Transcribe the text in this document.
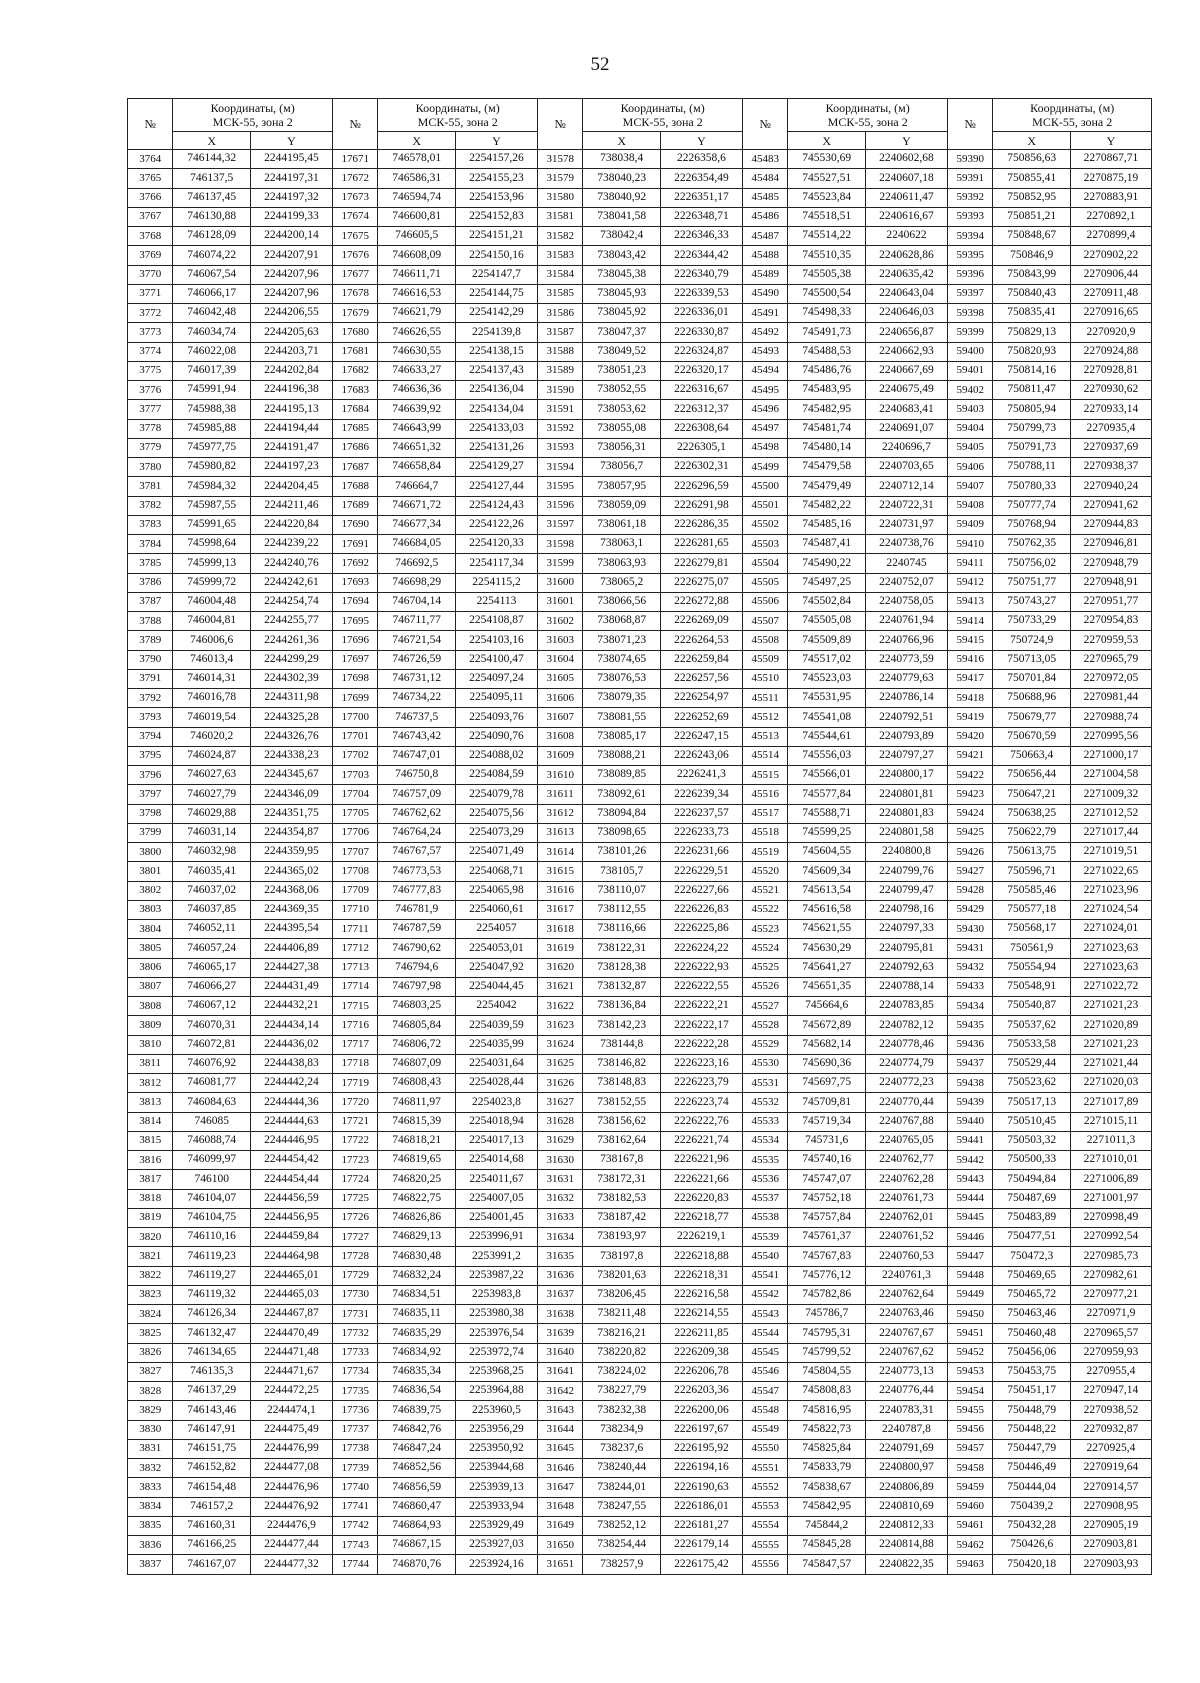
52
№	Координаты, (м)
МСК-55, зона 2		№	Координаты, (м)
МСК-55, зона 2		№	Координаты, (м)
МСК-55, зона 2		№	Координаты, (м)
МСК-55, зона 2		№	Координаты, (м)
МСК-55, зона 2	

	X	Y		X	Y		X	Y		X	Y		X	Y
3764	746144,32	2244195,45	17671	746578,01	2254157,26	31578	738038,4	2226358,6	45483	745530,69	2240602,68	59390	750856,63	2270867,71
3765	746137,5	2244197,31	17672	746586,31	2254155,23	31579	738040,23	2226354,49	45484	745527,51	2240607,18	59391	750855,41	2270875,19
3766	746137,45	2244197,32	17673	746594,74	2254153,96	31580	738040,92	2226351,17	45485	745523,84	2240611,47	59392	750852,95	2270883,91
3767	746130,88	2244199,33	17674	746600,81	2254152,83	31581	738041,58	2226348,71	45486	745518,51	2240616,67	59393	750851,21	2270892,1
3768	746128,09	2244200,14	17675	746605,5	2254151,21	31582	738042,4	2226346,33	45487	745514,22	2240622	59394	750848,67	2270899,4
3769	746074,22	2244207,91	17676	746608,09	2254150,16	31583	738043,42	2226344,42	45488	745510,35	2240628,86	59395	750846,9	2270902,22
3770	746067,54	2244207,96	17677	746611,71	2254147,7	31584	738045,38	2226340,79	45489	745505,38	2240635,42	59396	750843,99	2270906,44
3771	746066,17	2244207,96	17678	746616,53	2254144,75	31585	738045,93	2226339,53	45490	745500,54	2240643,04	59397	750840,43	2270911,48
3772	746042,48	2244206,55	17679	746621,79	2254142,29	31586	738045,92	2226336,01	45491	745498,33	2240646,03	59398	750835,41	2270916,65
3773	746034,74	2244205,63	17680	746626,55	2254139,8	31587	738047,37	2226330,87	45492	745491,73	2240656,87	59399	750829,13	2270920,9
3774	746022,08	2244203,71	17681	746630,55	2254138,15	31588	738049,52	2226324,87	45493	745488,53	2240662,93	59400	750820,93	2270924,88
3775	746017,39	2244202,84	17682	746633,27	2254137,43	31589	738051,23	2226320,17	45494	745486,76	2240667,69	59401	750814,16	2270928,81
3776	745991,94	2244196,38	17683	746636,36	2254136,04	31590	738052,55	2226316,67	45495	745483,95	2240675,49	59402	750811,47	2270930,62
3777	745988,38	2244195,13	17684	746639,92	2254134,04	31591	738053,62	2226312,37	45496	745482,95	2240683,41	59403	750805,94	2270933,14
3778	745985,88	2244194,44	17685	746643,99	2254133,03	31592	738055,08	2226308,64	45497	745481,74	2240691,07	59404	750799,73	2270935,4
3779	745977,75	2244191,47	17686	746651,32	2254131,26	31593	738056,31	2226305,1	45498	745480,14	2240696,7	59405	750791,73	2270937,69
3780	745980,82	2244197,23	17687	746658,84	2254129,27	31594	738056,7	2226302,31	45499	745479,58	2240703,65	59406	750788,11	2270938,37
3781	745984,32	2244204,45	17688	746664,7	2254127,44	31595	738057,95	2226296,59	45500	745479,49	2240712,14	59407	750780,33	2270940,24
3782	745987,55	2244211,46	17689	746671,72	2254124,43	31596	738059,09	2226291,98	45501	745482,22	2240722,31	59408	750777,74	2270941,62
3783	745991,65	2244220,84	17690	746677,34	2254122,26	31597	738061,18	2226286,35	45502	745485,16	2240731,97	59409	750768,94	2270944,83
3784	745998,64	2244239,22	17691	746684,05	2254120,33	31598	738063,1	2226281,65	45503	745487,41	2240738,76	59410	750762,35	2270946,81
3785	745999,13	2244240,76	17692	746692,5	2254117,34	31599	738063,93	2226279,81	45504	745490,22	2240745	59411	750756,02	2270948,79
3786	745999,72	2244242,61	17693	746698,29	2254115,2	31600	738065,2	2226275,07	45505	745497,25	2240752,07	59412	750751,77	2270948,91
3787	746004,48	2244254,74	17694	746704,14	2254113	31601	738066,56	2226272,88	45506	745502,84	2240758,05	59413	750743,27	2270951,77
3788	746004,81	2244255,77	17695	746711,77	2254108,87	31602	738068,87	2226269,09	45507	745505,08	2240761,94	59414	750733,29	2270954,83
3789	746006,6	2244261,36	17696	746721,54	2254103,16	31603	738071,23	2226264,53	45508	745509,89	2240766,96	59415	750724,9	2270959,53
3790	746013,4	2244299,29	17697	746726,59	2254100,47	31604	738074,65	2226259,84	45509	745517,02	2240773,59	59416	750713,05	2270965,79
3791	746014,31	2244302,39	17698	746731,12	2254097,24	31605	738076,53	2226257,56	45510	745523,03	2240779,63	59417	750701,84	2270972,05
3792	746016,78	2244311,98	17699	746734,22	2254095,11	31606	738079,35	2226254,97	45511	745531,95	2240786,14	59418	750688,96	2270981,44
3793	746019,54	2244325,28	17700	746737,5	2254093,76	31607	738081,55	2226252,69	45512	745541,08	2240792,51	59419	750679,77	2270988,74
3794	746020,2	2244326,76	17701	746743,42	2254090,76	31608	738085,17	2226247,15	45513	745544,61	2240793,89	59420	750670,59	2270995,56
3795	746024,87	2244338,23	17702	746747,01	2254088,02	31609	738088,21	2226243,06	45514	745556,03	2240797,27	59421	750663,4	2271000,17
3796	746027,63	2244345,67	17703	746750,8	2254084,59	31610	738089,85	2226241,3	45515	745566,01	2240800,17	59422	750656,44	2271004,58
3797	746027,79	2244346,09	17704	746757,09	2254079,78	31611	738092,61	2226239,34	45516	745577,84	2240801,81	59423	750647,21	2271009,32
3798	746029,88	2244351,75	17705	746762,62	2254075,56	31612	738094,84	2226237,57	45517	745588,71	2240801,83	59424	750638,25	2271012,52
3799	746031,14	2244354,87	17706	746764,24	2254073,29	31613	738098,65	2226233,73	45518	745599,25	2240801,58	59425	750622,79	2271017,44
3800	746032,98	2244359,95	17707	746767,57	2254071,49	31614	738101,26	2226231,66	45519	745604,55	2240800,8	59426	750613,75	2271019,51
3801	746035,41	2244365,02	17708	746773,53	2254068,71	31615	738105,7	2226229,51	45520	745609,34	2240799,76	59427	750596,71	2271022,65
3802	746037,02	2244368,06	17709	746777,83	2254065,98	31616	738110,07	2226227,66	45521	745613,54	2240799,47	59428	750585,46	2271023,96
3803	746037,85	2244369,35	17710	746781,9	2254060,61	31617	738112,55	2226226,83	45522	745616,58	2240798,16	59429	750577,18	2271024,54
3804	746052,11	2244395,54	17711	746787,59	2254057	31618	738116,66	2226225,86	45523	745621,55	2240797,33	59430	750568,17	2271024,01
3805	746057,24	2244406,89	17712	746790,62	2254053,01	31619	738122,31	2226224,22	45524	745630,29	2240795,81	59431	750561,9	2271023,63
3806	746065,17	2244427,38	17713	746794,6	2254047,92	31620	738128,38	2226222,93	45525	745641,27	2240792,63	59432	750554,94	2271023,63
3807	746066,27	2244431,49	17714	746797,98	2254044,45	31621	738132,87	2226222,55	45526	745651,35	2240788,14	59433	750548,91	2271022,72
3808	746067,12	2244432,21	17715	746803,25	2254042	31622	738136,84	2226222,21	45527	745664,6	2240783,85	59434	750540,87	2271021,23
3809	746070,31	2244434,14	17716	746805,84	2254039,59	31623	738142,23	2226222,17	45528	745672,89	2240782,12	59435	750537,62	2271020,89
3810	746072,81	2244436,02	17717	746806,72	2254035,99	31624	738144,8	2226222,28	45529	745682,14	2240778,46	59436	750533,58	2271021,23
3811	746076,92	2244438,83	17718	746807,09	2254031,64	31625	738146,82	2226223,16	45530	745690,36	2240774,79	59437	750529,44	2271021,44
3812	746081,77	2244442,24	17719	746808,43	2254028,44	31626	738148,83	2226223,79	45531	745697,75	2240772,23	59438	750523,62	2271020,03
3813	746084,63	2244444,36	17720	746811,97	2254023,8	31627	738152,55	2226223,74	45532	745709,81	2240770,44	59439	750517,13	2271017,89
3814	746085	2244444,63	17721	746815,39	2254018,94	31628	738156,62	2226222,76	45533	745719,34	2240767,88	59440	750510,45	2271015,11
3815	746088,74	2244446,95	17722	746818,21	2254017,13	31629	738162,64	2226221,74	45534	745731,6	2240765,05	59441	750503,32	2271011,3
3816	746099,97	2244454,42	17723	746819,65	2254014,68	31630	738167,8	2226221,96	45535	745740,16	2240762,77	59442	750500,33	2271010,01
3817	746100	2244454,44	17724	746820,25	2254011,67	31631	738172,31	2226221,66	45536	745747,07	2240762,28	59443	750494,84	2271006,89
3818	746104,07	2244456,59	17725	746822,75	2254007,05	31632	738182,53	2226220,83	45537	745752,18	2240761,73	59444	750487,69	2271001,97
3819	746104,75	2244456,95	17726	746826,86	2254001,45	31633	738187,42	2226218,77	45538	745757,84	2240762,01	59445	750483,89	2270998,49
3820	746110,16	2244459,84	17727	746829,13	2253996,91	31634	738193,97	2226219,1	45539	745761,37	2240761,52	59446	750477,51	2270992,54
3821	746119,23	2244464,98	17728	746830,48	2253991,2	31635	738197,8	2226218,88	45540	745767,83	2240760,53	59447	750472,3	2270985,73
3822	746119,27	2244465,01	17729	746832,24	2253987,22	31636	738201,63	2226218,31	45541	745776,12	2240761,3	59448	750469,65	2270982,61
3823	746119,32	2244465,03	17730	746834,51	2253983,8	31637	738206,45	2226216,58	45542	745782,86	2240762,64	59449	750465,72	2270977,21
3824	746126,34	2244467,87	17731	746835,11	2253980,38	31638	738211,48	2226214,55	45543	745786,7	2240763,46	59450	750463,46	2270971,9
3825	746132,47	2244470,49	17732	746835,29	2253976,54	31639	738216,21	2226211,85	45544	745795,31	2240767,67	59451	750460,48	2270965,57
3826	746134,65	2244471,48	17733	746834,92	2253972,74	31640	738220,82	2226209,38	45545	745799,52	2240767,62	59452	750456,06	2270959,93
3827	746135,3	2244471,67	17734	746835,34	2253968,25	31641	738224,02	2226206,78	45546	745804,55	2240773,13	59453	750453,75	2270955,4
3828	746137,29	2244472,25	17735	746836,54	2253964,88	31642	738227,79	2226203,36	45547	745808,83	2240776,44	59454	750451,17	2270947,14
3829	746143,46	2244474,1	17736	746839,75	2253960,5	31643	738232,38	2226200,06	45548	745816,95	2240783,31	59455	750448,79	2270938,52
3830	746147,91	2244475,49	17737	746842,76	2253956,29	31644	738234,9	2226197,67	45549	745822,73	2240787,8	59456	750448,22	2270932,87
3831	746151,75	2244476,99	17738	746847,24	2253950,92	31645	738237,6	2226195,92	45550	745825,84	2240791,69	59457	750447,79	2270925,4
3832	746152,82	2244477,08	17739	746852,56	2253944,68	31646	738240,44	2226194,16	45551	745833,79	2240800,97	59458	750446,49	2270919,64
3833	746154,48	2244476,96	17740	746856,59	2253939,13	31647	738244,01	2226190,63	45552	745838,67	2240806,89	59459	750444,04	2270914,57
3834	746157,2	2244476,92	17741	746860,47	2253933,94	31648	738247,55	2226186,01	45553	745842,95	2240810,69	59460	750439,2	2270908,95
3835	746160,31	2244476,9	17742	746864,93	2253929,49	31649	738252,12	2226181,27	45554	745844,2	2240812,33	59461	750432,28	2270905,19
3836	746166,25	2244477,44	17743	746867,15	2253927,03	31650	738254,44	2226179,14	45555	745845,28	2240814,88	59462	750426,6	2270903,81
3837	746167,07	2244477,32	17744	746870,76	2253924,16	31651	738257,9	2226175,42	45556	745847,57	2240822,35	59463	750420,18	2270903,93
